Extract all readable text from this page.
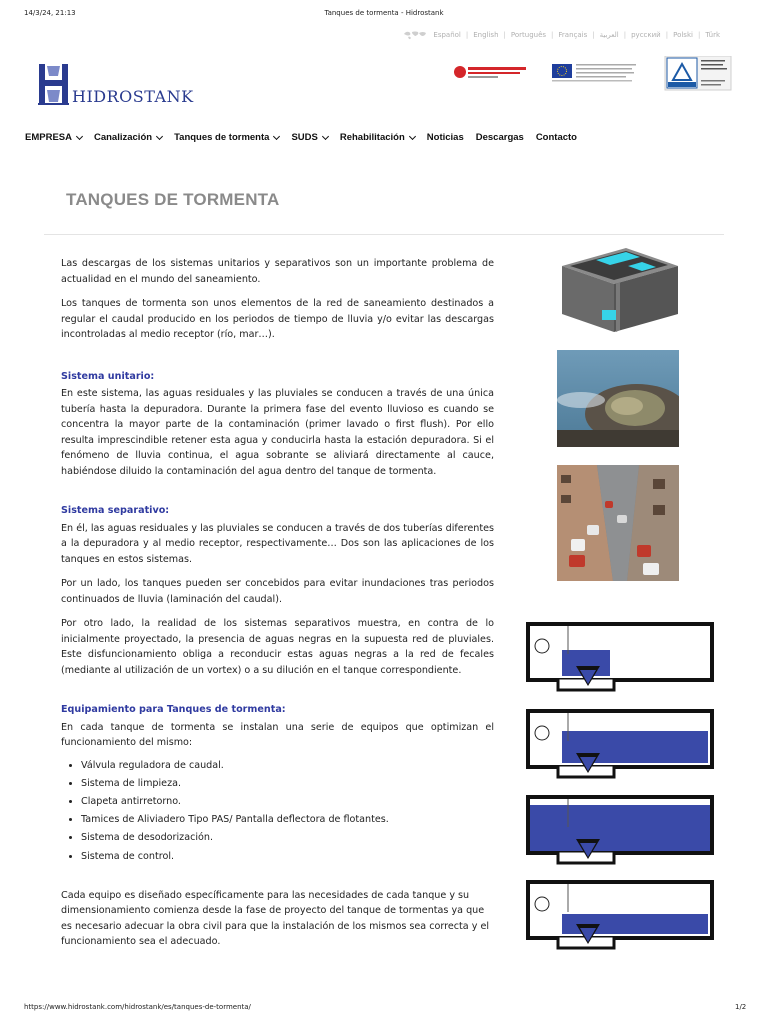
14/3/24, 21:13	Tanques de tormenta - Hidrostank
https://www.hidrostank.com/hidrostank/es/tanques-de-tormenta/	1/2
Español | English | Português | Français | العربية | русский | Polski | Türk
HIDROSTANK
EMPRESA Canalización Tanques de tormenta SUDS Rehabilitación Noticias Descargas Contacto
TANQUES DE TORMENTA

Las descargas de los sistemas unitarios y separativos son un importante problema de actualidad en el mundo del saneamiento.

Los tanques de tormenta son unos elementos de la red de saneamiento destinados a regular el caudal producido en los periodos de tiempo de lluvia y/o evitar las descargas incontroladas al medio receptor (río, mar…).

Sistema unitario:

En este sistema, las aguas residuales y las pluviales se conducen a través de una única tubería hasta la depuradora. Durante la primera fase del evento lluvioso es cuando se concentra la mayor parte de la contaminación (primer lavado o first flush). Por ello resulta imprescindible retener esta agua y conducirla hasta la estación depuradora. Si el fenómeno de lluvia continua, el agua sobrante se aliviará directamente al cauce, habiéndose diluido la contaminación del agua dentro del tanque de tormenta.

Sistema separativo:

En él, las aguas residuales y las pluviales se conducen a través de dos tuberías diferentes a la depuradora y al medio receptor, respectivamente… Dos son las aplicaciones de los tanques en estos sistemas.

Por un lado, los tanques pueden ser concebidos para evitar inundaciones tras periodos continuados de lluvia (laminación del caudal).

Por otro lado, la realidad de los sistemas separativos muestra, en contra de lo inicialmente proyectado, la presencia de aguas negras en la supuesta red de pluviales. Este disfuncionamiento obliga a reconducir estas aguas negras a la red de fecales (mediante al utilización de un vortex) o a su dilución en el tanque correspondiente.

Equipamiento para Tanques de tormenta:

En cada tanque de tormenta se instalan una serie de equipos que optimizan el funcionamiento del mismo:

• Válvula reguladora de caudal.
• Sistema de limpieza.
• Clapeta antirretorno.
• Tamices de Aliviadero Tipo PAS/ Pantalla deflectora de flotantes.
• Sistema de desodorización.
• Sistema de control.

Cada equipo es diseñado específicamente para las necesidades de cada tanque y su dimensionamiento comienza desde la fase de proyecto del tanque de tormentas ya que es necesario adecuar la obra civil para que la instalación de los mismos sea correcta y el funcionamiento sea el adecuado.
